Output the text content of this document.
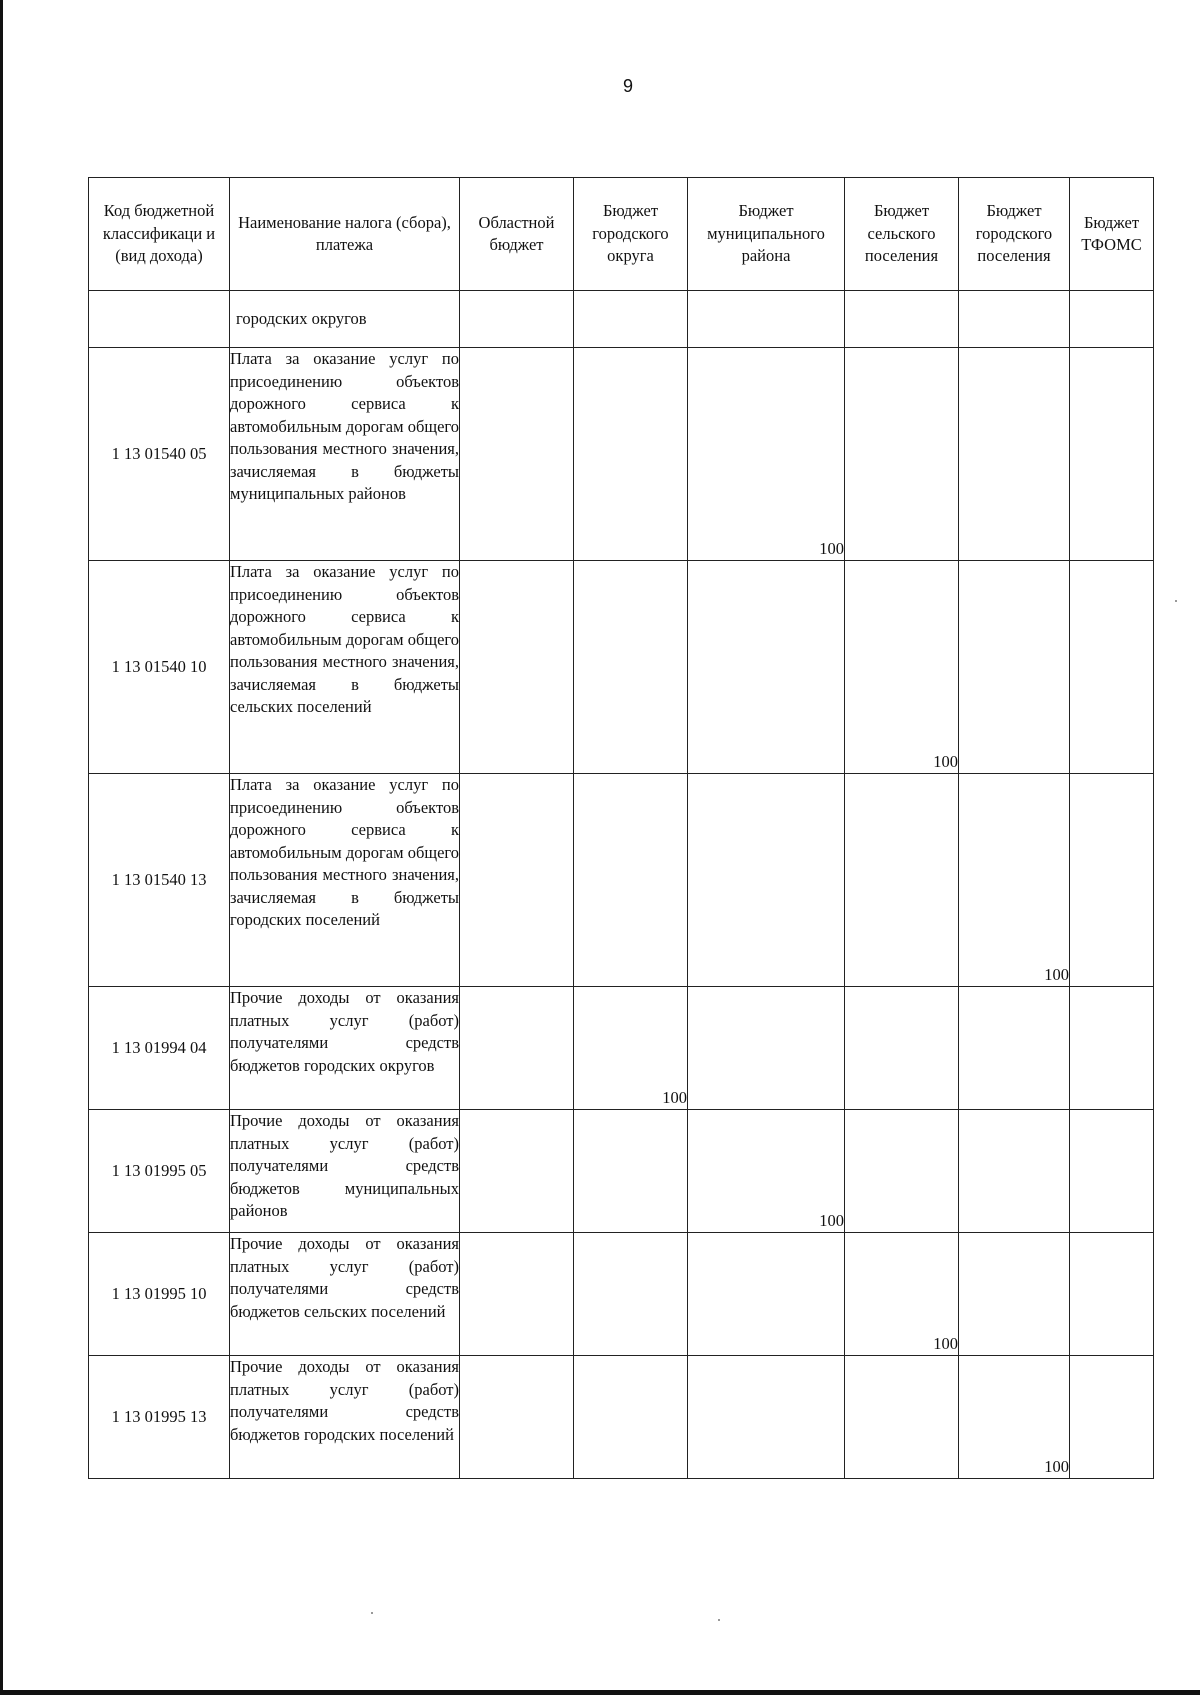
9
Код бюджетной классификаци и (вид дохода)	Наименование налога (сбора), платежа	Областной бюджет	Бюджет городского округа	Бюджет муниципального района	Бюджет сельского поселения	Бюджет городского поселения	Бюджет ТФОМС
	городских округов						
1 13 01540 05	Плата за оказание услуг по присоединению объектов дорожного сервиса к автомобильным дорогам общего пользования местного значения, зачисляемая в бюджеты муниципальных районов			100			
1 13 01540 10	Плата за оказание услуг по присоединению объектов дорожного сервиса к автомобильным дорогам общего пользования местного значения, зачисляемая в бюджеты сельских поселений				100		
1 13 01540 13	Плата за оказание услуг по присоединению объектов дорожного сервиса к автомобильным дорогам общего пользования местного значения, зачисляемая в бюджеты городских поселений					100	
1 13 01994 04	Прочие доходы от оказания платных услуг (работ) получателями средств бюджетов городских округов		100				
1 13 01995 05	Прочие доходы от оказания платных услуг (работ) получателями средств бюджетов муниципальных районов			100			
1 13 01995 10	Прочие доходы от оказания платных услуг (работ) получателями средств бюджетов сельских поселений				100		
1 13 01995 13	Прочие доходы от оказания платных услуг (работ) получателями средств бюджетов городских поселений					100	
